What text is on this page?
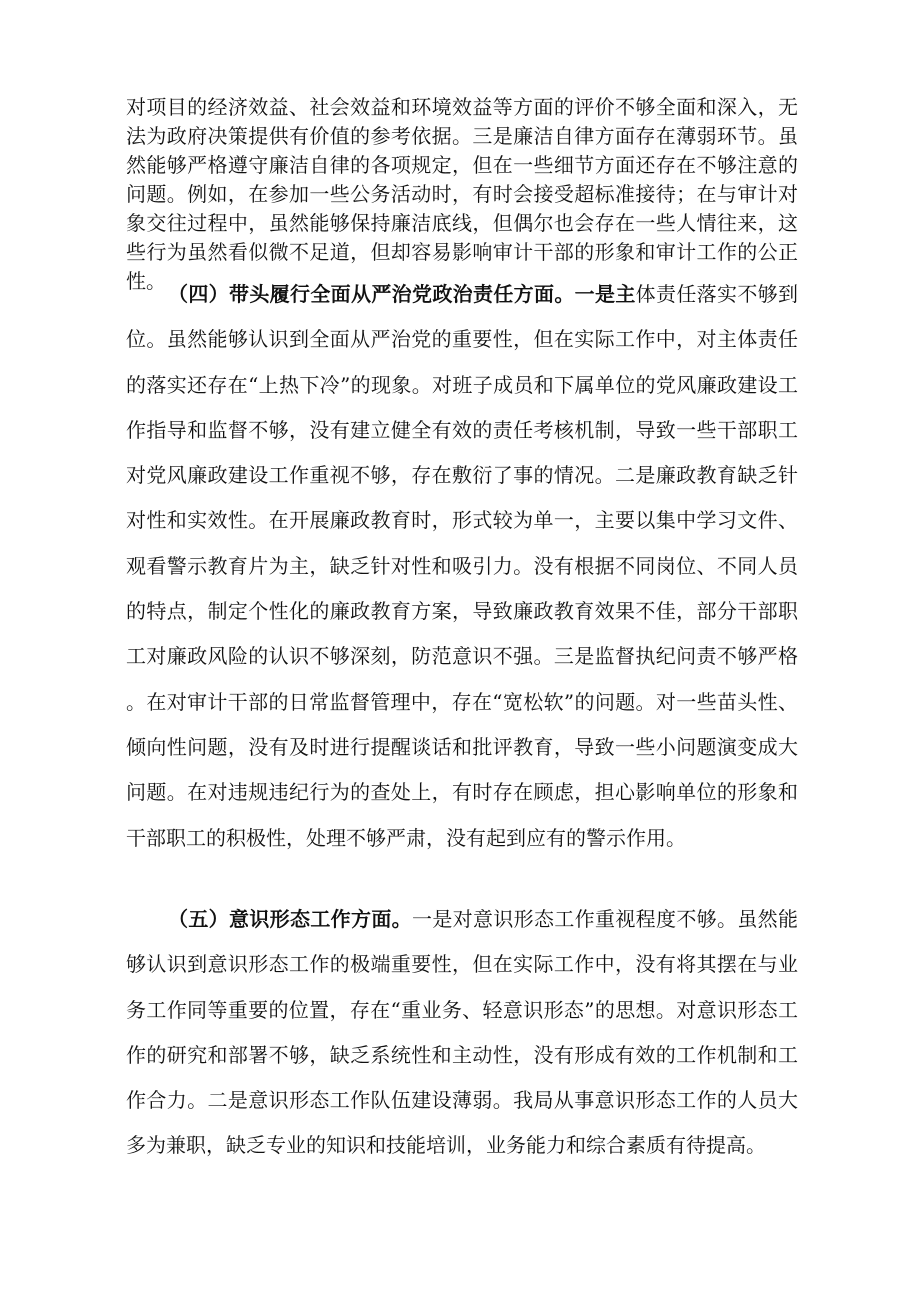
对项目的经济效益、社会效益和环境效益等方面的评价不够全面和深入，无法为政府决策提供有价值的参考依据。三是廉洁自律方面存在薄弱环节。虽然能够严格遵守廉洁自律的各项规定，但在一些细节方面还存在不够注意的问题。例如，在参加一些公务活动时，有时会接受超标准接待；在与审计对象交往过程中，虽然能够保持廉洁底线，但偶尔也会存在一些人情往来，这些行为虽然看似微不足道，但却容易影响审计干部的形象和审计工作的公正性。

（四）带头履行全面从严治党政治责任方面。一是主体责任落实不够到位。虽然能够认识到全面从严治党的重要性，但在实际工作中，对主体责任的落实还存在“上热下冷”的现象。对班子成员和下属单位的党风廉政建设工作指导和监督不够，没有建立健全有效的责任考核机制，导致一些干部职工对党风廉政建设工作重视不够，存在敷衍了事的情况。二是廉政教育缺乏针对性和实效性。在开展廉政教育时，形式较为单一，主要以集中学习文件、观看警示教育片为主，缺乏针对性和吸引力。没有根据不同岗位、不同人员的特点，制定个性化的廉政教育方案，导致廉政教育效果不佳，部分干部职工对廉政风险的认识不够深刻，防范意识不强。三是监督执纪问责不够严格。在对审计干部的日常监督管理中，存在“宽松软”的问题。对一些苗头性、倾向性问题，没有及时进行提醒谈话和批评教育，导致一些小问题演变成大问题。在对违规违纪行为的查处上，有时存在顾虑，担心影响单位的形象和干部职工的积极性，处理不够严肃，没有起到应有的警示作用。

（五）意识形态工作方面。一是对意识形态工作重视程度不够。虽然能够认识到意识形态工作的极端重要性，但在实际工作中，没有将其摆在与业务工作同等重要的位置，存在“重业务、轻意识形态”的思想。对意识形态工作的研究和部署不够，缺乏系统性和主动性，没有形成有效的工作机制和工作合力。二是意识形态工作队伍建设薄弱。我局从事意识形态工作的人员大多为兼职，缺乏专业的知识和技能培训，业务能力和综合素质有待提高。
